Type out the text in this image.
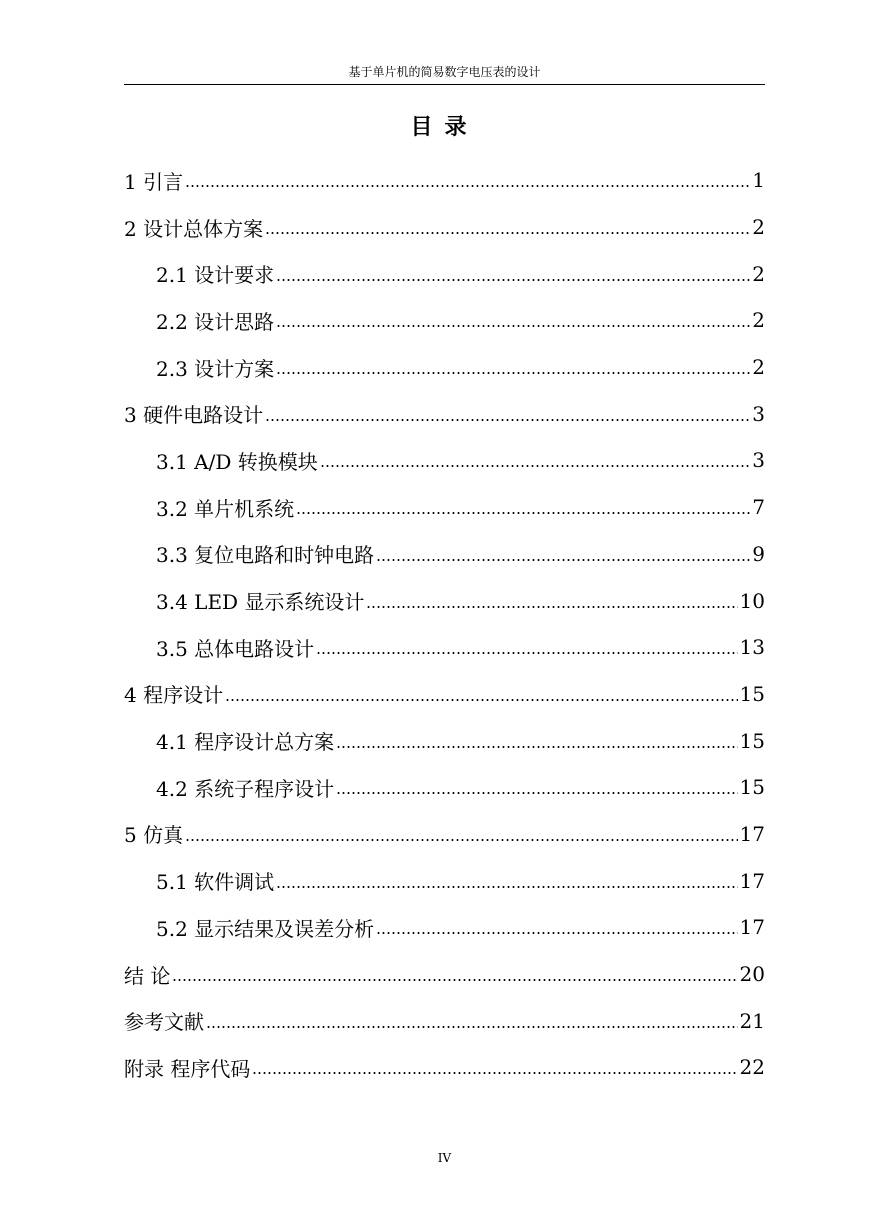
基于单片机的简易数字电压表的设计
目录
1 引言	1
2 设计总体方案	2
2.1 设计要求	2
2.2 设计思路	2
2.3 设计方案	2
3 硬件电路设计	3
3.1 A/D 转换模块	3
3.2 单片机系统	7
3.3 复位电路和时钟电路	9
3.4 LED 显示系统设计	10
3.5 总体电路设计	13
4 程序设计	15
4.1 程序设计总方案	15
4.2 系统子程序设计	15
5 仿真	17
5.1 软件调试	17
5.2 显示结果及误差分析	17
结 论	20
参考文献	21
附录 程序代码	22
IV
